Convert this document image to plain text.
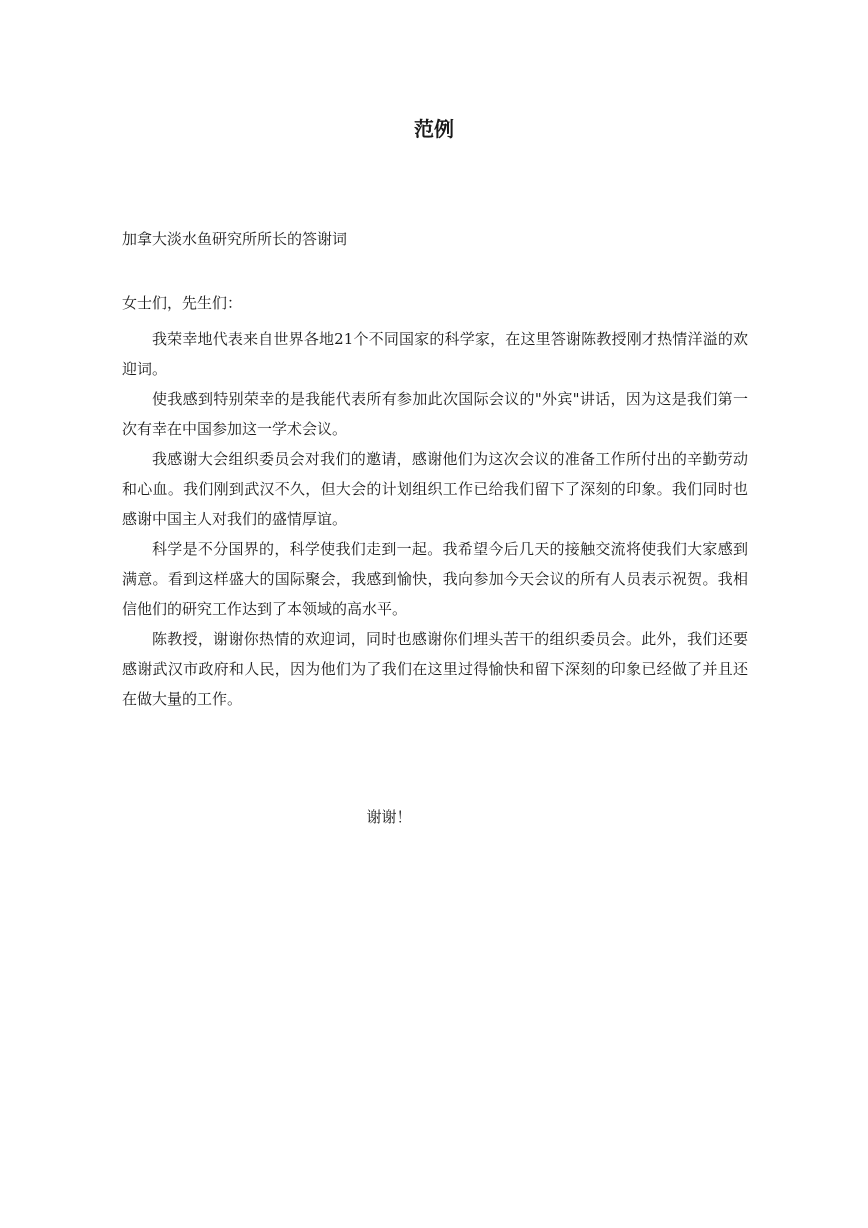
范例

加拿大淡水鱼研究所所长的答谢词

女士们，先生们：

我荣幸地代表来自世界各地21个不同国家的科学家，在这里答谢陈教授刚才热情洋溢的欢迎词。

使我感到特别荣幸的是我能代表所有参加此次国际会议的"外宾"讲话，因为这是我们第一次有幸在中国参加这一学术会议。

我感谢大会组织委员会对我们的邀请，感谢他们为这次会议的准备工作所付出的辛勤劳动和心血。我们刚到武汉不久，但大会的计划组织工作已给我们留下了深刻的印象。我们同时也感谢中国主人对我们的盛情厚谊。

科学是不分国界的，科学使我们走到一起。我希望今后几天的接触交流将使我们大家感到满意。看到这样盛大的国际聚会，我感到愉快，我向参加今天会议的所有人员表示祝贺。我相信他们的研究工作达到了本领域的高水平。

陈教授，谢谢你热情的欢迎词，同时也感谢你们埋头苦干的组织委员会。此外，我们还要感谢武汉市政府和人民，因为他们为了我们在这里过得愉快和留下深刻的印象已经做了并且还在做大量的工作。

谢谢！
